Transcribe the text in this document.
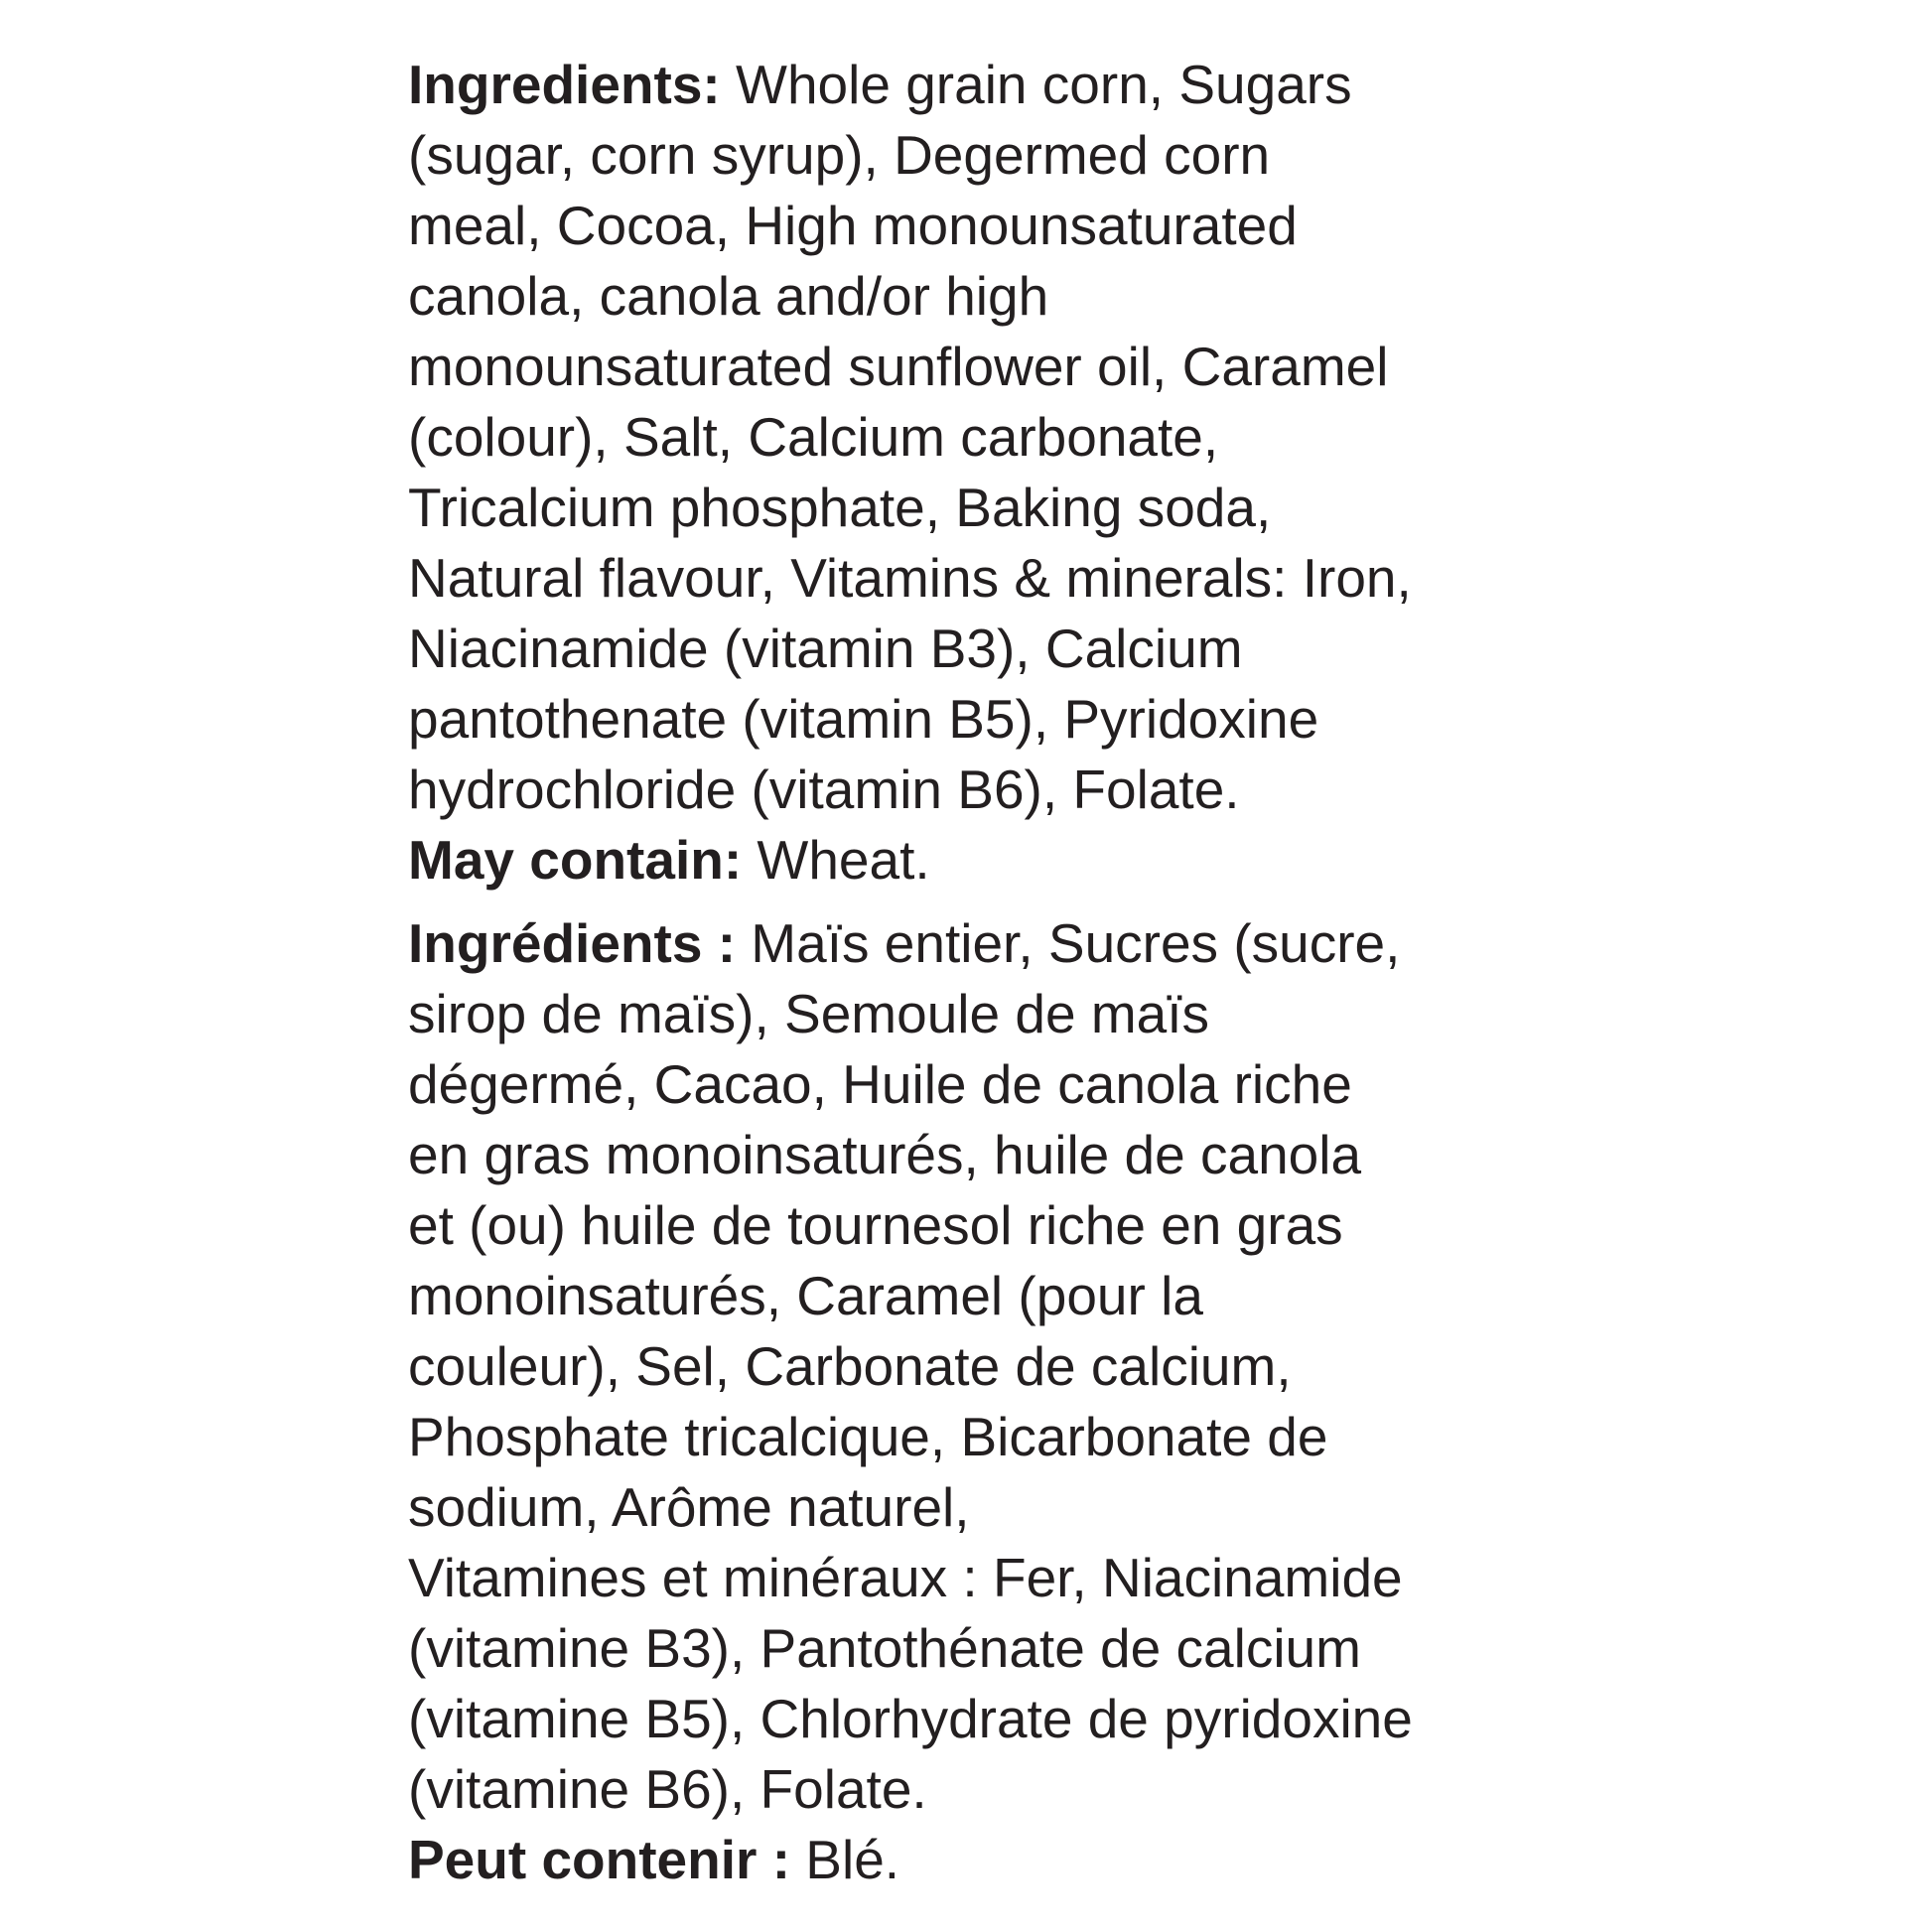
Ingredients: Whole grain corn, Sugars
(sugar, corn syrup), Degermed corn
meal, Cocoa, High monounsaturated
canola, canola and/or high
monounsaturated sunflower oil, Caramel
(colour), Salt, Calcium carbonate,
Tricalcium phosphate, Baking soda,
Natural flavour, Vitamins & minerals: Iron,
Niacinamide (vitamin B3), Calcium
pantothenate (vitamin B5), Pyridoxine
hydrochloride (vitamin B6), Folate.
May contain: Wheat.
Ingrédients : Maïs entier, Sucres (sucre,
sirop de maïs), Semoule de maïs
dégermé, Cacao, Huile de canola riche
en gras monoinsaturés, huile de canola
et (ou) huile de tournesol riche en gras
monoinsaturés, Caramel (pour la
couleur), Sel, Carbonate de calcium,
Phosphate tricalcique, Bicarbonate de
sodium, Arôme naturel,
Vitamines et minéraux : Fer, Niacinamide
(vitamine B3), Pantothénate de calcium
(vitamine B5), Chlorhydrate de pyridoxine
(vitamine B6), Folate.
Peut contenir : Blé.
